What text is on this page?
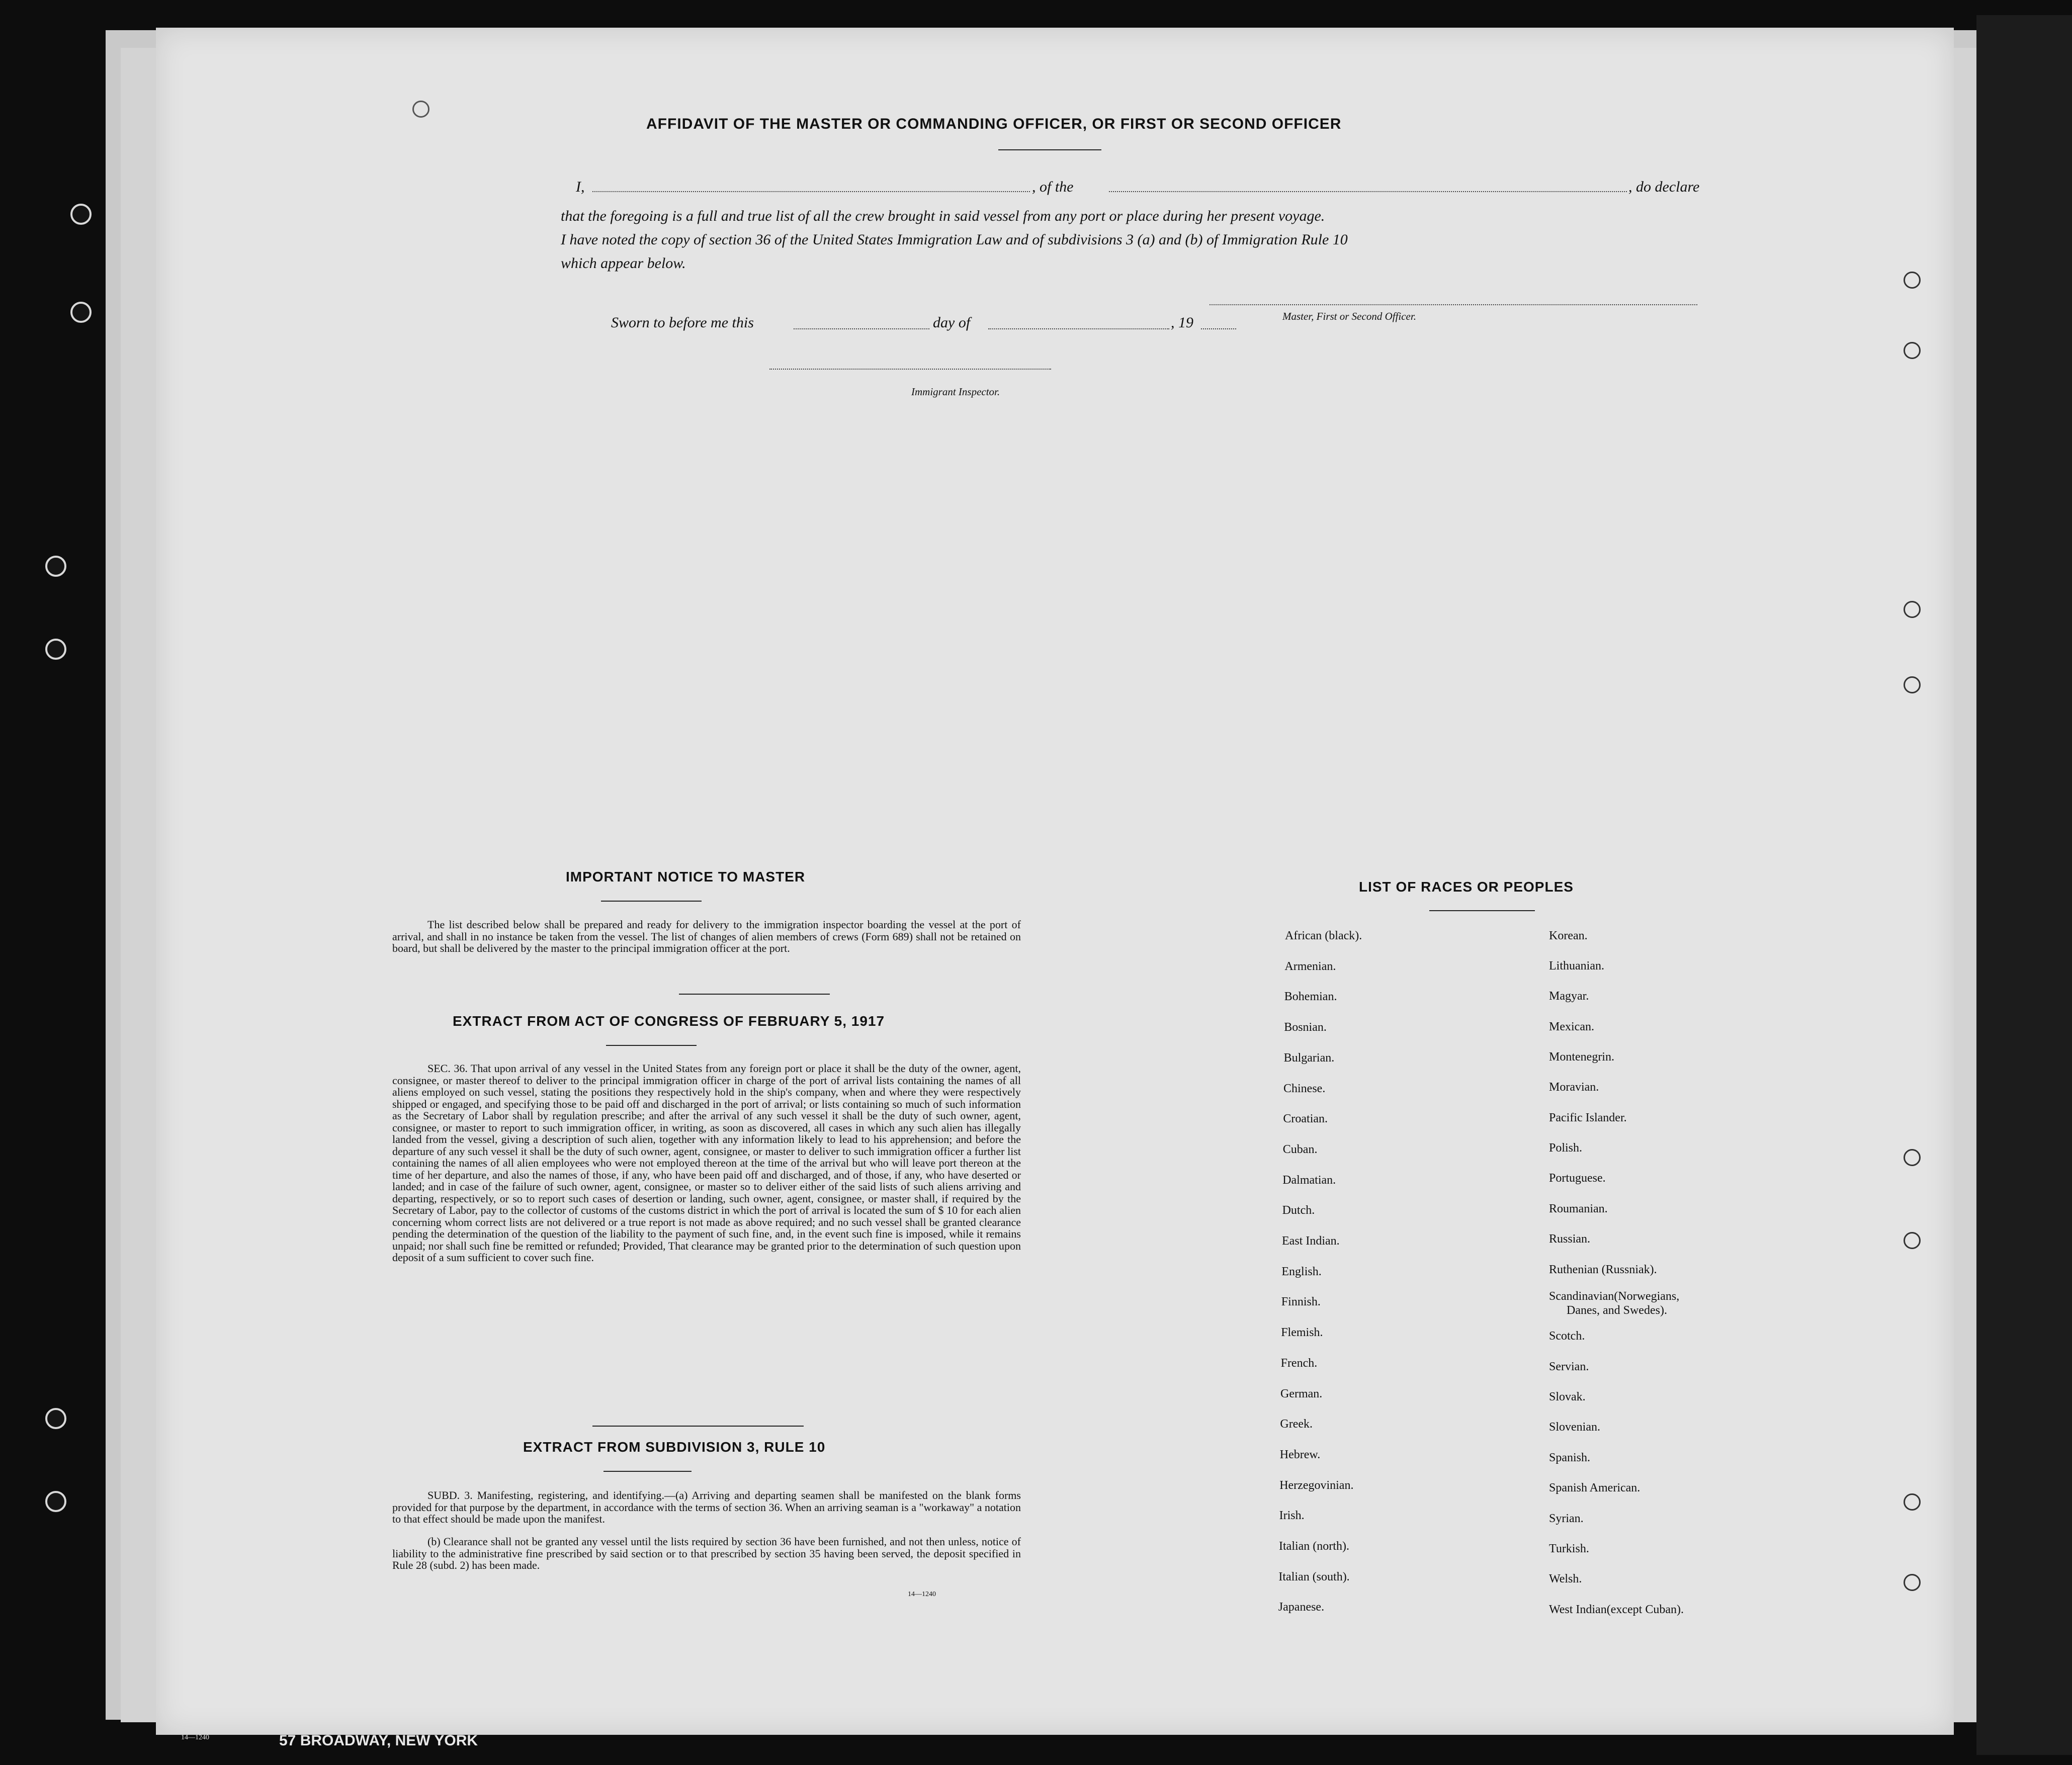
AFFIDAVIT OF THE MASTER OR COMMANDING OFFICER, OR FIRST OR SECOND OFFICER
I,	, of the	, do declare
that the foregoing is a full and true list of all the crew brought in said vessel from any port or place during her present voyage.
I have noted the copy of section 36 of the United States Immigration Law and of subdivisions 3 (a) and (b) of Immigration Rule 10
which appear below.
Master, First or Second Officer.
Sworn to before me this	day of	, 19
Immigrant Inspector.
IMPORTANT NOTICE TO MASTER
The list described below shall be prepared and ready for delivery to the immigration inspector boarding the vessel at the port of arrival, and shall in no instance be taken from the vessel. The list of changes of alien members of crews (Form 689) shall not be retained on board, but shall be delivered by the master to the principal immigration officer at the port.
EXTRACT FROM ACT OF CONGRESS OF FEBRUARY 5, 1917
SEC. 36. That upon arrival of any vessel in the United States from any foreign port or place it shall be the duty of the owner, agent, consignee, or master thereof to deliver to the principal immigration officer in charge of the port of arrival lists containing the names of all aliens employed on such vessel, stating the positions they respectively hold in the ship's company, when and where they were respectively shipped or engaged, and specifying those to be paid off and discharged in the port of arrival; or lists containing so much of such information as the Secretary of Labor shall by regulation prescribe; and after the arrival of any such vessel it shall be the duty of such owner, agent, consignee, or master to report to such immigration officer, in writing, as soon as discovered, all cases in which any such alien has illegally landed from the vessel, giving a description of such alien, together with any information likely to lead to his apprehension; and before the departure of any such vessel it shall be the duty of such owner, agent, consignee, or master to deliver to such immigration officer a further list containing the names of all alien employees who were not employed thereon at the time of the arrival but who will leave port thereon at the time of her departure, and also the names of those, if any, who have been paid off and discharged, and of those, if any, who have deserted or landed; and in case of the failure of such owner, agent, consignee, or master so to deliver either of the said lists of such aliens arriving and departing, respectively, or so to report such cases of desertion or landing, such owner, agent, consignee, or master shall, if required by the Secretary of Labor, pay to the collector of customs of the customs district in which the port of arrival is located the sum of $ 10 for each alien concerning whom correct lists are not delivered or a true report is not made as above required; and no such vessel shall be granted clearance pending the determination of the question of the liability to the payment of such fine, and, in the event such fine is imposed, while it remains unpaid; nor shall such fine be remitted or refunded; Provided, That clearance may be granted prior to the determination of such question upon deposit of a sum sufficient to cover such fine.
EXTRACT FROM SUBDIVISION 3, RULE 10
SUBD. 3. Manifesting, registering, and identifying.—(a) Arriving and departing seamen shall be manifested on the blank forms provided for that purpose by the department, in accordance with the terms of section 36. When an arriving seaman is a "workaway" a notation to that effect should be made upon the manifest.
(b) Clearance shall not be granted any vessel until the lists required by section 36 have been furnished, and not then unless, notice of liability to the administrative fine prescribed by said section or to that prescribed by section 35 having been served, the deposit specified in Rule 28 (subd. 2) has been made.
14—1240
LIST OF RACES OR PEOPLES
African (black).
Armenian.
Bohemian.
Bosnian.
Bulgarian.
Chinese.
Croatian.
Cuban.
Dalmatian.
Dutch.
East Indian.
English.
Finnish.
Flemish.
French.
German.
Greek.
Hebrew.
Herzegovinian.
Irish.
Italian (north).
Italian (south).
Japanese.
Korean.
Lithuanian.
Magyar.
Mexican.
Montenegrin.
Moravian.
Pacific Islander.
Polish.
Portuguese.
Roumanian.
Russian.
Ruthenian (Russniak).
Scandinavian(Norwegians,
Danes, and Swedes).
Scotch.
Servian.
Slovak.
Slovenian.
Spanish.
Spanish American.
Syrian.
Turkish.
Welsh.
West Indian(except Cuban).
14—1240	57 BROADWAY, NEW YORK
